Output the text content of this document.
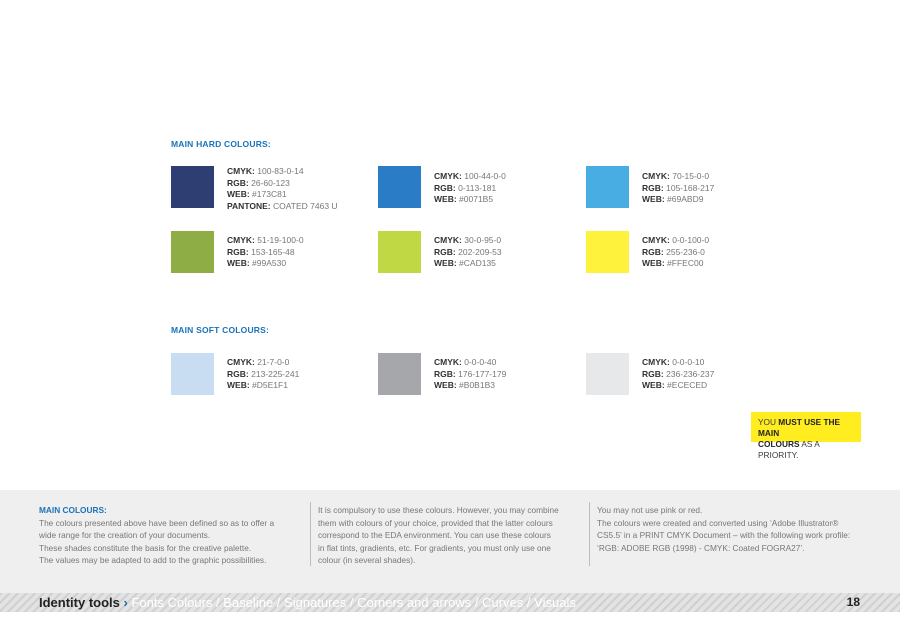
MAIN HARD COLOURS:
CMYK: 100-83-0-14
RGB: 26-60-123
WEB: #173C81
PANTONE: COATED 7463 U
CMYK: 100-44-0-0
RGB: 0-113-181
WEB: #0071B5
CMYK: 70-15-0-0
RGB: 105-168-217
WEB: #69ABD9
CMYK: 51-19-100-0
RGB: 153-165-48
WEB: #99A530
CMYK: 30-0-95-0
RGB: 202-209-53
WEB: #CAD135
CMYK: 0-0-100-0
RGB: 255-236-0
WEB: #FFEC00
MAIN SOFT COLOURS:
CMYK: 21-7-0-0
RGB: 213-225-241
WEB: #D5E1F1
CMYK: 0-0-0-40
RGB: 176-177-179
WEB: #B0B1B3
CMYK: 0-0-0-10
RGB: 236-236-237
WEB: #ECECED
YOU MUST USE THE MAIN
COLOURS AS A PRIORITY.
MAIN COLOURS:
The colours presented above have been defined so as to offer a
wide range for the creation of your documents.
These shades constitute the basis for the creative palette.
The values may be adapted to add to the graphic possibilities.
It is compulsory to use these colours. However, you may combine
them with colours of your choice, provided that the latter colours
correspond to the EDA environment. You can use these colours
in flat tints, gradients, etc. For gradients, you must only use one
colour (in several shades).
You may not use pink or red.
The colours were created and converted using ‘Adobe Illustrator® CS5.5’ in a PRINT CMYK Document – with the following work profile:
‘RGB: ADOBE RGB (1998) - CMYK: Coated FOGRA27’.
Identity tools › Fonts Colours / Baseline / Signatures / Corners and arrows / Curves / Visuals	18
